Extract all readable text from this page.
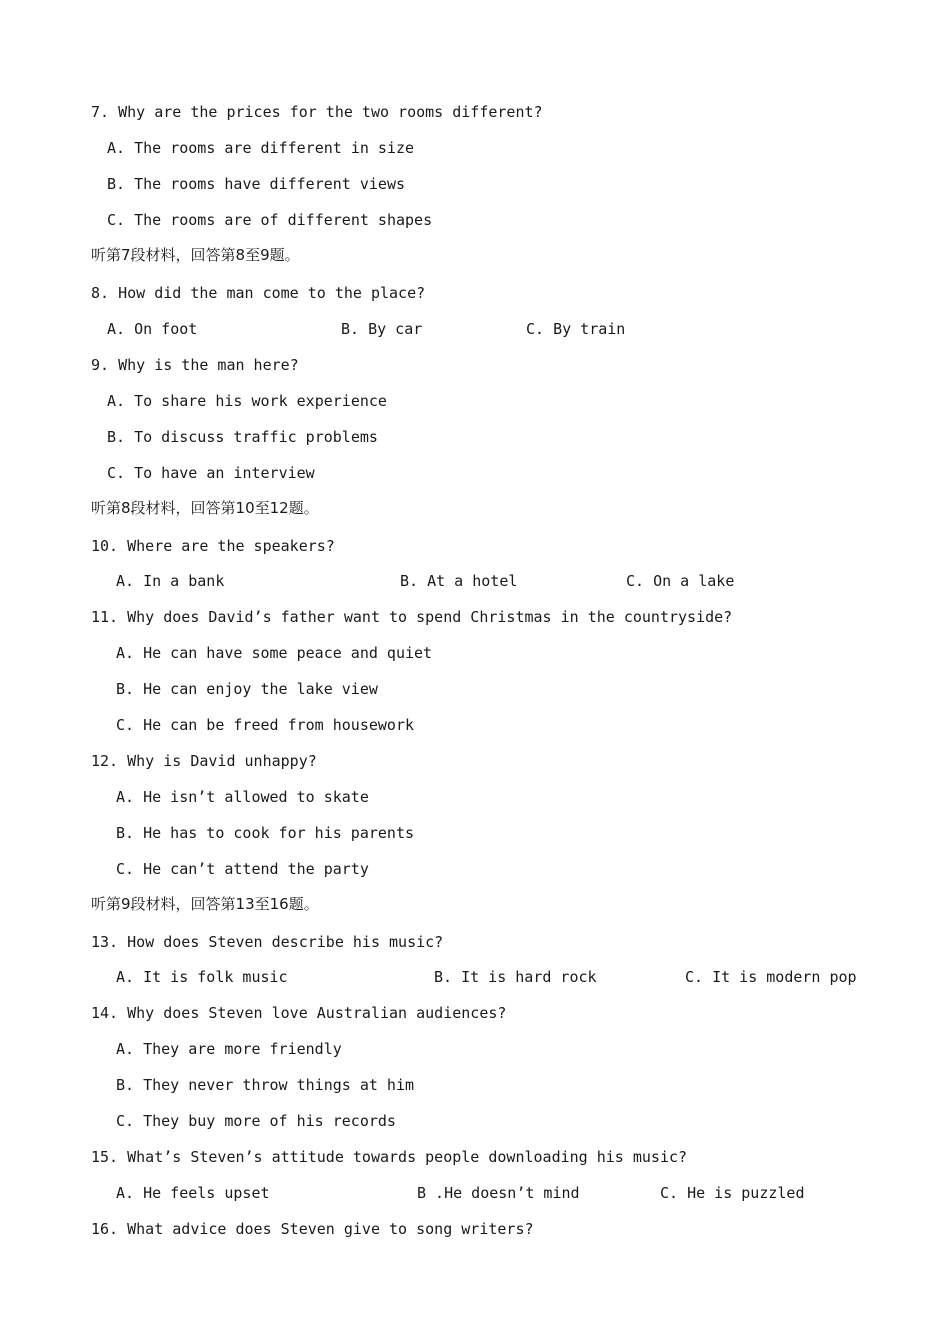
7. Why are the prices for the two rooms different?
A. The rooms are different in size
B. The rooms have different views
C. The rooms are of different shapes
听第7段材料，回答第8至9题。
8. How did the man come to the place?
A. On foot	B. By car	C. By train
9. Why is the man here?
A. To share his work experience
B. To discuss traffic problems
C. To have an interview
听第8段材料，回答第10至12题。
10. Where are the speakers?
A. In a bank	B. At a hotel	C. On a lake
11. Why does David’s father want to spend Christmas in the countryside?
A. He can have some peace and quiet
B. He can enjoy the lake view
C. He can be freed from housework
12. Why is David unhappy?
A. He isn’t allowed to skate
B. He has to cook for his parents
C. He can’t attend the party
听第9段材料，回答第13至16题。
13. How does Steven describe his music?
A. It is folk music	B. It is hard rock	C. It is modern pop
14. Why does Steven love Australian audiences?
A. They are more friendly
B. They never throw things at him
C. They buy more of his records
15. What’s Steven’s attitude towards people downloading his music?
A. He feels upset	B .He doesn’t mind	C. He is puzzled
16. What advice does Steven give to song writers?
